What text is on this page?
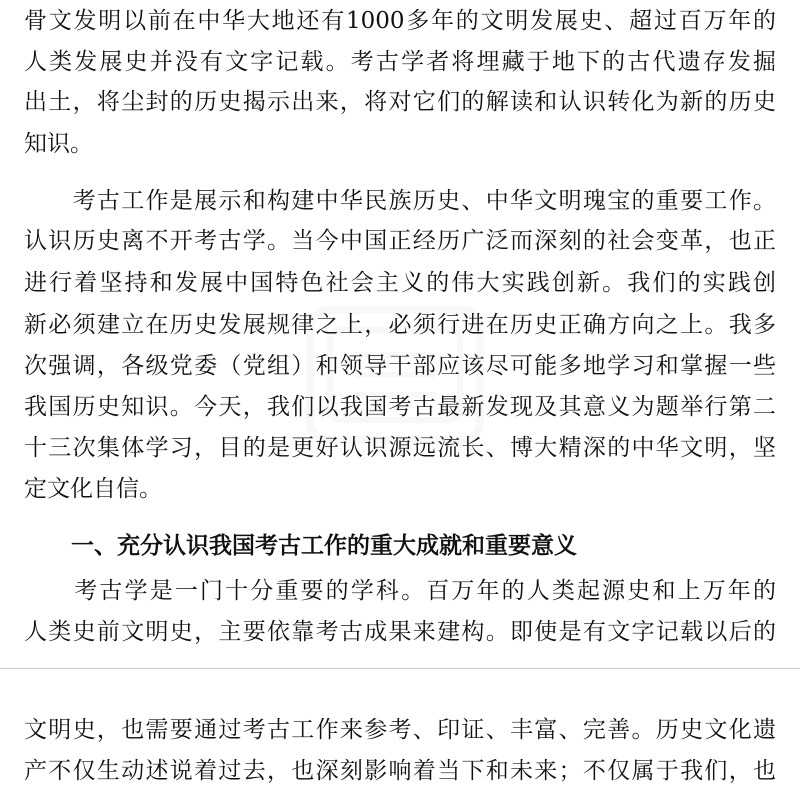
骨文发明以前在中华大地还有1000多年的文明发展史、超过百万年的
人类发展史并没有文字记载。考古学者将埋藏于地下的古代遗存发掘
出土，将尘封的历史揭示出来，将对它们的解读和认识转化为新的历史
知识。
　　考古工作是展示和构建中华民族历史、中华文明瑰宝的重要工作。
认识历史离不开考古学。当今中国正经历广泛而深刻的社会变革，也正
进行着坚持和发展中国特色社会主义的伟大实践创新。我们的实践创
新必须建立在历史发展规律之上，必须行进在历史正确方向之上。我多
次强调，各级党委（党组）和领导干部应该尽可能多地学习和掌握一些
我国历史知识。今天，我们以我国考古最新发现及其意义为题举行第二
十三次集体学习，目的是更好认识源远流长、博大精深的中华文明，坚
定文化自信。
一、充分认识我国考古工作的重大成就和重要意义
　　考古学是一门十分重要的学科。百万年的人类起源史和上万年的
人类史前文明史，主要依靠考古成果来建构。即使是有文字记载以后的
文明史，也需要通过考古工作来参考、印证、丰富、完善。历史文化遗
产不仅生动述说着过去，也深刻影响着当下和未来；不仅属于我们，也
